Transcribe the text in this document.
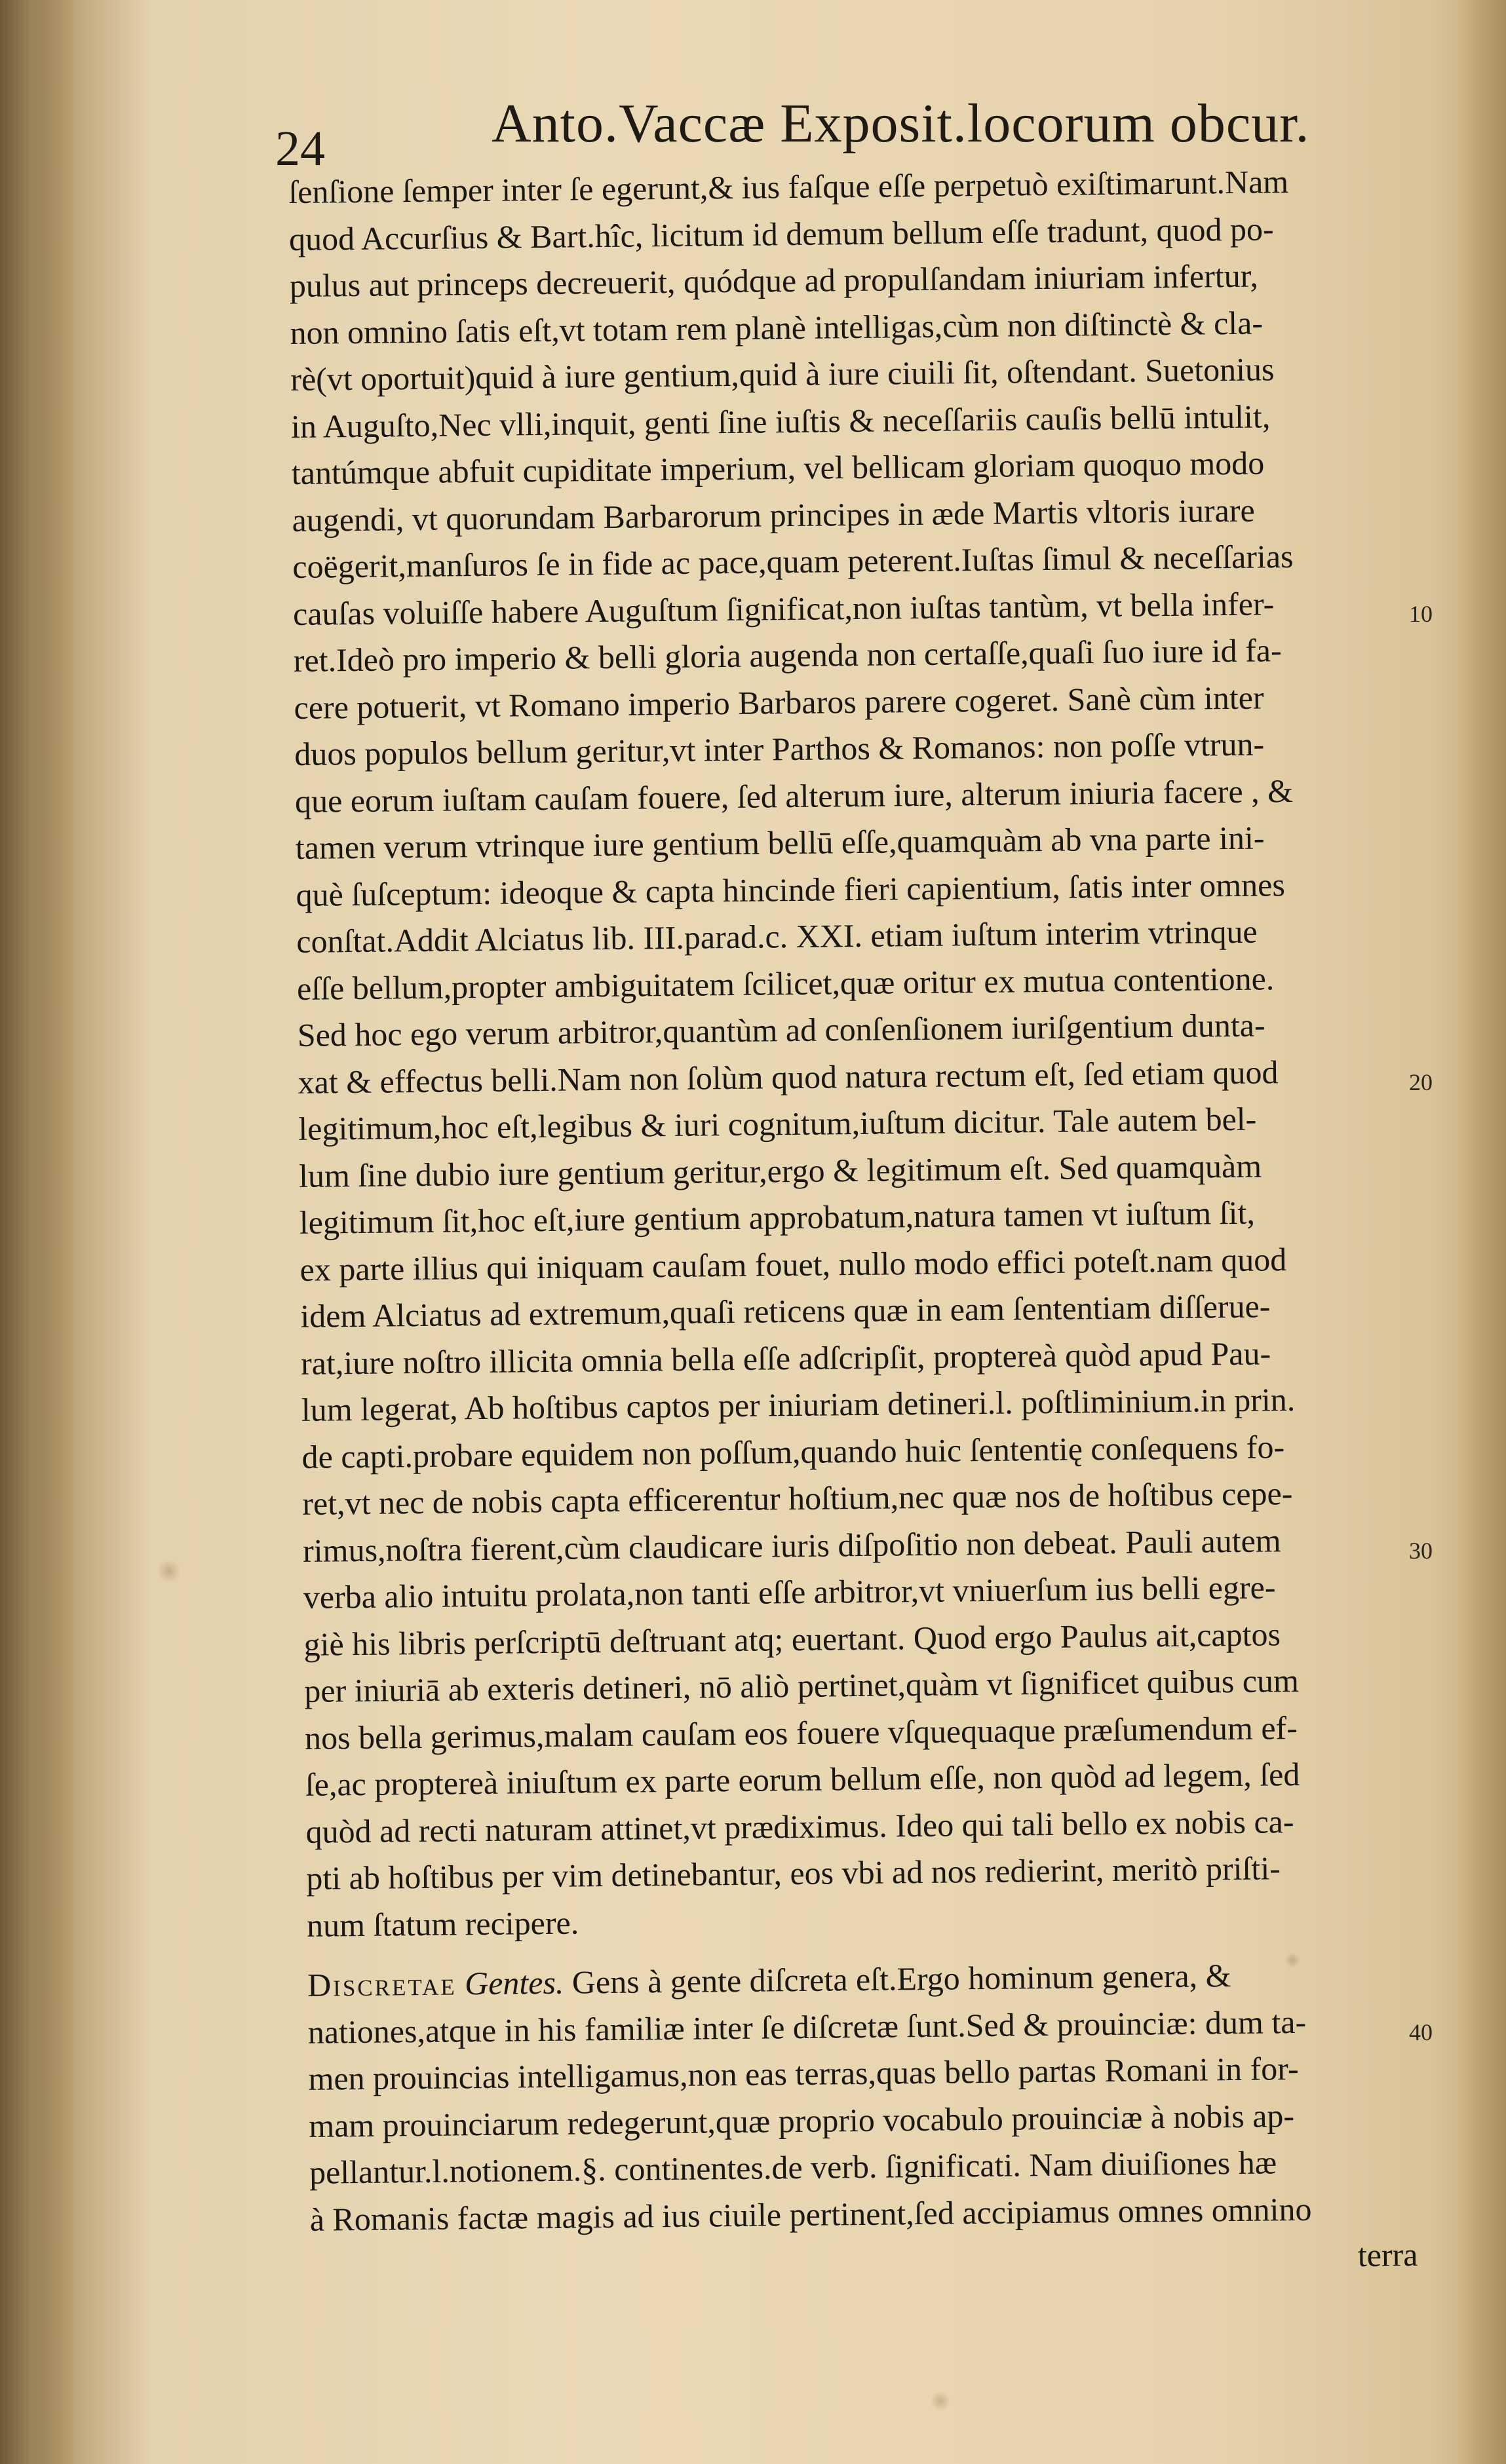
24	Anto.Vaccæ Exposit.locorum obcur.
ſenſione ſemper inter ſe egerunt,& ius faſque eſſe perpetuò exiſtimarunt.Nam
quod Accurſius & Bart.hîc, licitum id demum bellum eſſe tradunt, quod po-
pulus aut princeps decreuerit, quódque ad propulſandam iniuriam infertur,
non omnino ſatis eſt,vt totam rem planè intelligas,cùm non diſtinctè & cla-
rè(vt oportuit)quid à iure gentium,quid à iure ciuili ſit, oſtendant. Suetonius
in Auguſto,Nec vlli,inquit, genti ſine iuſtis & neceſſariis cauſis bellū intulit,
tantúmque abfuit cupiditate imperium, vel bellicam gloriam quoquo modo
augendi, vt quorundam Barbarorum principes in æde Martis vltoris iurare
coëgerit,manſuros ſe in fide ac pace,quam peterent.Iuſtas ſimul & neceſſarias
cauſas voluiſſe habere Auguſtum ſignificat,non iuſtas tantùm, vt bella infer-
ret.Ideò pro imperio & belli gloria augenda non certaſſe,quaſi ſuo iure id fa-
cere potuerit, vt Romano imperio Barbaros parere cogeret. Sanè cùm inter
duos populos bellum geritur,vt inter Parthos & Romanos: non poſſe vtrun-
que eorum iuſtam cauſam fouere, ſed alterum iure, alterum iniuria facere , &
tamen verum vtrinque iure gentium bellū eſſe,quamquàm ab vna parte ini-
què ſuſceptum: ideoque & capta hincinde fieri capientium, ſatis inter omnes
conſtat.Addit Alciatus lib. III.parad.c. XXI. etiam iuſtum interim vtrinque
eſſe bellum,propter ambiguitatem ſcilicet,quæ oritur ex mutua contentione.
Sed hoc ego verum arbitror,quantùm ad conſenſionem iuriſgentium dunta-
xat & effectus belli.Nam non ſolùm quod natura rectum eſt, ſed etiam quod
legitimum,hoc eſt,legibus & iuri cognitum,iuſtum dicitur. Tale autem bel-
lum ſine dubio iure gentium geritur,ergo & legitimum eſt. Sed quamquàm
legitimum ſit,hoc eſt,iure gentium approbatum,natura tamen vt iuſtum ſit,
ex parte illius qui iniquam cauſam fouet, nullo modo effici poteſt.nam quod
idem Alciatus ad extremum,quaſi reticens quæ in eam ſententiam diſſerue-
rat,iure noſtro illicita omnia bella eſſe adſcripſit, proptereà quòd apud Pau-
lum legerat, Ab hoſtibus captos per iniuriam detineri.l. poſtliminium.in prin.
de capti.probare equidem non poſſum,quando huic ſententię conſequens fo-
ret,vt nec de nobis capta efficerentur hoſtium,nec quæ nos de hoſtibus cepe-
rimus,noſtra fierent,cùm claudicare iuris diſpoſitio non debeat. Pauli autem
verba alio intuitu prolata,non tanti eſſe arbitror,vt vniuerſum ius belli egre-
giè his libris perſcriptū deſtruant atq; euertant. Quod ergo Paulus ait,captos
per iniuriā ab exteris detineri, nō aliò pertinet,quàm vt ſignificet quibus cum
nos bella gerimus,malam cauſam eos fouere vſquequaque præſumendum ef-
ſe,ac proptereà iniuſtum ex parte eorum bellum eſſe, non quòd ad legem, ſed
quòd ad recti naturam attinet,vt prædiximus. Ideo qui tali bello ex nobis ca-
pti ab hoſtibus per vim detinebantur, eos vbi ad nos redierint, meritò priſti-
num ſtatum recipere.
Discretae Gentes. Gens à gente diſcreta eſt.Ergo hominum genera, &
nationes,atque in his familiæ inter ſe diſcretæ ſunt.Sed & prouinciæ: dum ta-
men prouincias intelligamus,non eas terras,quas bello partas Romani in for-
mam prouinciarum redegerunt,quæ proprio vocabulo prouinciæ à nobis ap-
pellantur.l.notionem.§. continentes.de verb. ſignificati. Nam diuiſiones hæ
à Romanis factæ magis ad ius ciuile pertinent,ſed accipiamus omnes omnino
terra
10
20
30
40
